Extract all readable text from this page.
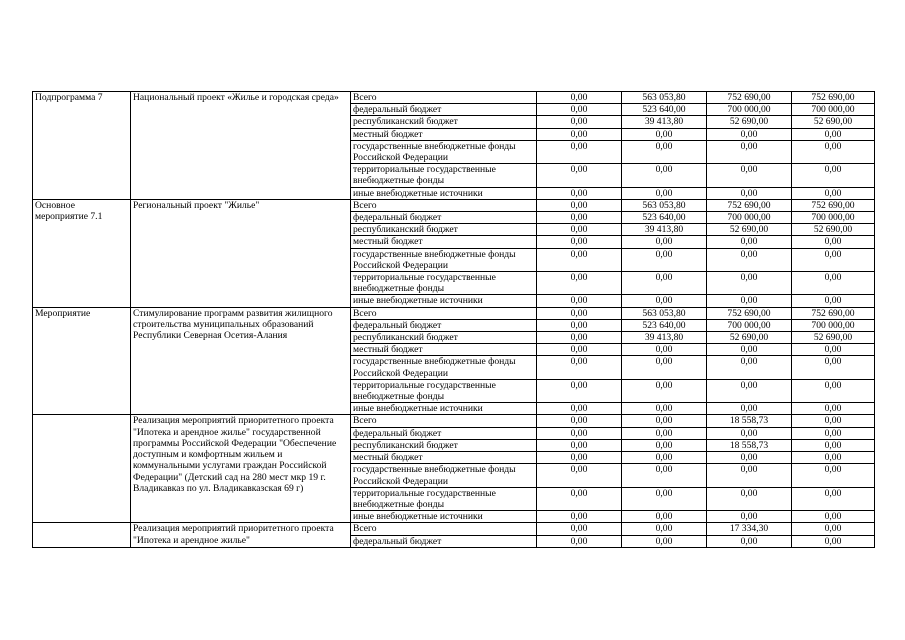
Подпрограмма 7	Национальный проект «Жилье и городская среда»	Всего	0,00	563 053,80	752 690,00	752 690,00
		федеральный бюджет	0,00	523 640,00	700 000,00	700 000,00
		республиканский бюджет	0,00	39 413,80	52 690,00	52 690,00
		местный бюджет	0,00	0,00	0,00	0,00
		государственные внебюджетные фонды Российской Федерации	0,00	0,00	0,00	0,00
		территориальные государственные внебюджетные фонды	0,00	0,00	0,00	0,00
		иные внебюджетные источники	0,00	0,00	0,00	0,00
Основное мероприятие 7.1	Региональный проект "Жилье"	Всего	0,00	563 053,80	752 690,00	752 690,00
		федеральный бюджет	0,00	523 640,00	700 000,00	700 000,00
		республиканский бюджет	0,00	39 413,80	52 690,00	52 690,00
		местный бюджет	0,00	0,00	0,00	0,00
		государственные внебюджетные фонды Российской Федерации	0,00	0,00	0,00	0,00
		территориальные государственные внебюджетные фонды	0,00	0,00	0,00	0,00
		иные внебюджетные источники	0,00	0,00	0,00	0,00
Мероприятие	Стимулирование программ развития жилищного строительства муниципальных образований Республики Северная Осетия-Алания	Всего	0,00	563 053,80	752 690,00	752 690,00
		федеральный бюджет	0,00	523 640,00	700 000,00	700 000,00
		республиканский бюджет	0,00	39 413,80	52 690,00	52 690,00
		местный бюджет	0,00	0,00	0,00	0,00
		государственные внебюджетные фонды Российской Федерации	0,00	0,00	0,00	0,00
		территориальные государственные внебюджетные фонды	0,00	0,00	0,00	0,00
		иные внебюджетные источники	0,00	0,00	0,00	0,00
	Реализация мероприятий приоритетного проекта "Ипотека и арендное жилье" государственной программы Российской Федерации "Обеспечение доступным и комфортным жильем и коммунальными услугами граждан Российской Федерации" (Детский сад на 280 мест мкр 19 г. Владикавказ по ул. Владикавказская 69 г)	Всего	0,00	0,00	18 558,73	0,00
		федеральный бюджет	0,00	0,00	0,00	0,00
		республиканский бюджет	0,00	0,00	18 558,73	0,00
		местный бюджет	0,00	0,00	0,00	0,00
		государственные внебюджетные фонды Российской Федерации	0,00	0,00	0,00	0,00
		территориальные государственные внебюджетные фонды	0,00	0,00	0,00	0,00
		иные внебюджетные источники	0,00	0,00	0,00	0,00
	Реализация мероприятий приоритетного проекта "Ипотека и арендное жилье"	Всего	0,00	0,00	17 334,30	0,00
		федеральный бюджет	0,00	0,00	0,00	0,00
